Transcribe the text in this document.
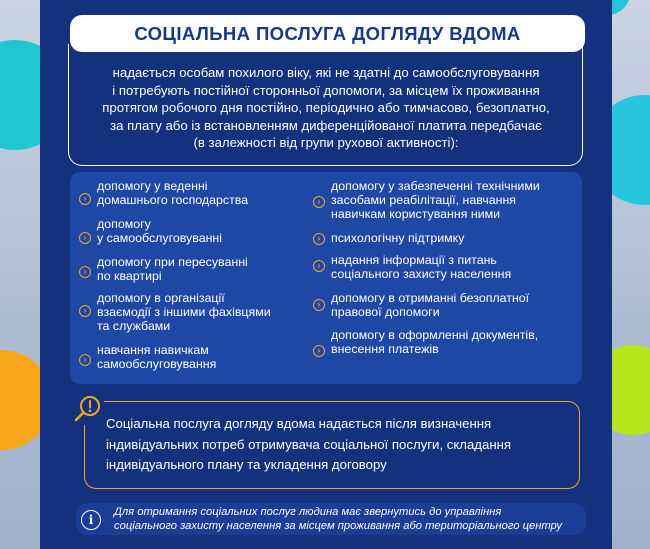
СОЦІАЛЬНА ПОСЛУГА ДОГЛЯДУ ВДОМА
надається особам похилого віку, які не здатні до самообслуговування
і потребують постійної сторонньої допомоги, за місцем їх проживання
протягом робочого дня постійно, періодично або тимчасово, безоплатно,
за плату або із встановленням диференційованої платита передбачає
(в залежності від групи рухової активності):
›
допомогу у веденні
домашнього господарства
›
допомогу
у самообслуговуванні
›
допомогу при пересуванні
по квартирі
›
допомогу в організації
взаємодії з іншими фахівцями
та службами
›
навчання навичкам
самообслуговування
›
допомогу у забезпеченні технічними
засобами реабілітації, навчання
навичкам користування ними
› психологічну підтримку
› надання інформації з питань
соціального захисту населення
› допомогу в отриманні безоплатної
правової допомоги
›
допомогу в оформленні документів,
внесення платежів
Соціальна послуга догляду вдома надається після визначення
індивідуальних потреб отримувача соціальної послуги, складання
індивідуального плану та укладення договору
i
Для отримання соціальних послуг людина має звернутись до управління
соціального захисту населення за місцем проживання або територіального центру
